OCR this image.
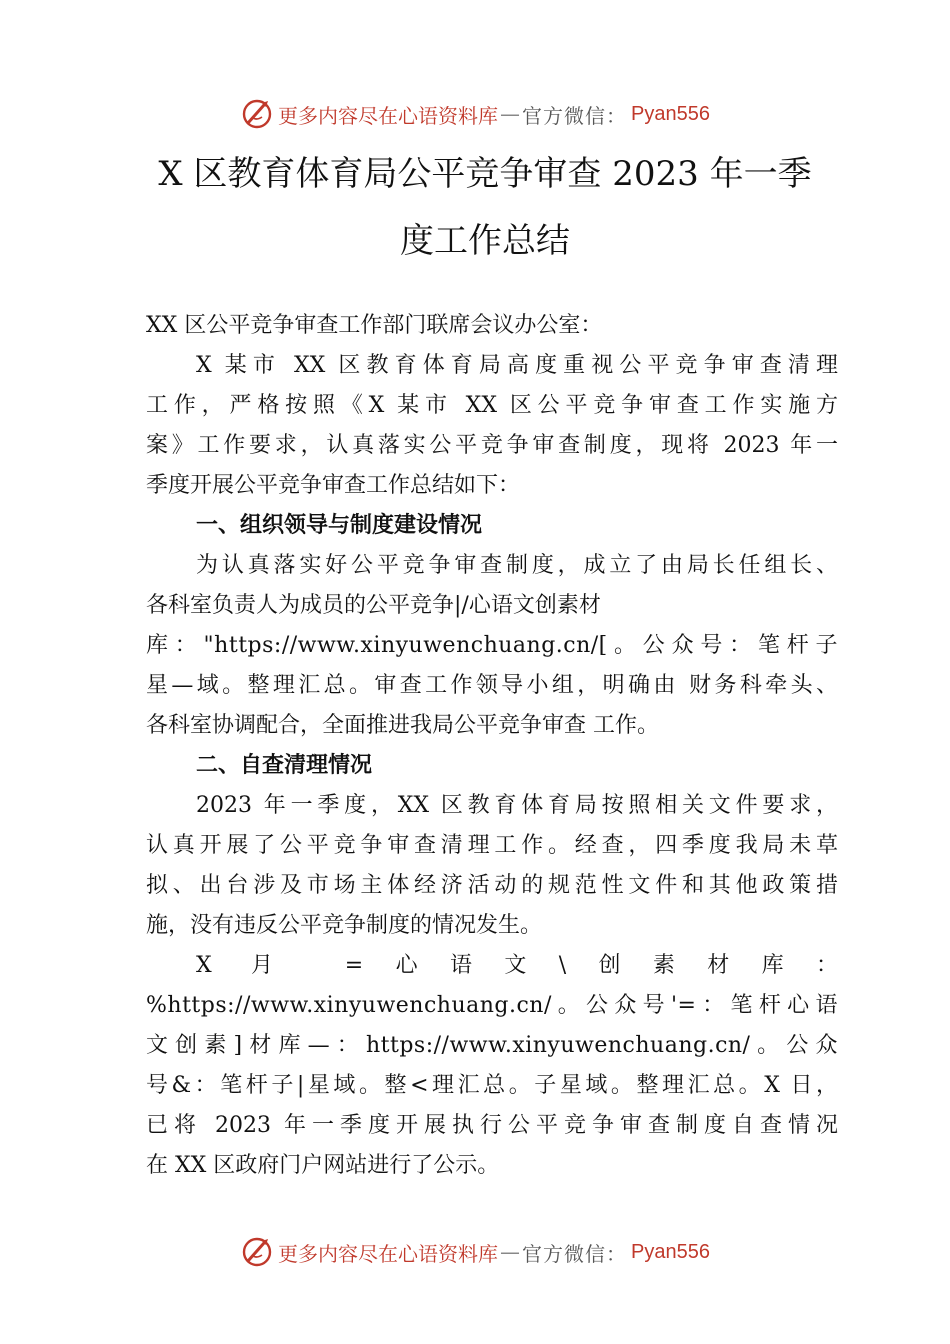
更多内容尽在心语资料库 — 官方微信： Pyan556
X 区教育体育局公平竞争审查 2023 年一季
度工作总结
XX 区公平竞争审查工作部门联席会议办公室：
X 某市 XX 区教育体育局高度重视公平竞争审查清理
工作，严格按照《X 某市 XX 区公平竞争审查工作实施方
案》工作要求，认真落实公平竞争审查制度，现将 2023 年一
季度开展公平竞争审查工作总结如下：
一、组织领导与制度建设情况
为认真落实好公平竞争审查制度，成立了由局长任组长、
各科室负责人为成员的公平竞争|/心语文创素材
库："https://www.xinyuwenchuang.cn/[。公众号：笔杆子
星—域。整理汇总。审查工作领导小组，明确由 财务科牵头、
各科室协调配合，全面推进我局公平竞争审查 工作。
二、自查清理情况
2023 年一季度，XX 区教育体育局按照相关文件要求，
认真开展了公平竞争审查清理工作。经查，四季度我局未草
拟、出台涉及市场主体经济活动的规范性文件和其他政策措
施，没有违反公平竞争制度的情况发生。
X 月 =心语文\创素材库：
%https://www.xinyuwenchuang.cn/。公众号'=：笔杆心语
文创素]材库—：https://www.xinyuwenchuang.cn/。公众
号&：笔杆子|星域。整<理汇总。子星域。整理汇总。X 日，
已将 2023 年一季度开展执行公平竞争审查制度自查情况
在 XX 区政府门户网站进行了公示。
更多内容尽在心语资料库 — 官方微信： Pyan556
